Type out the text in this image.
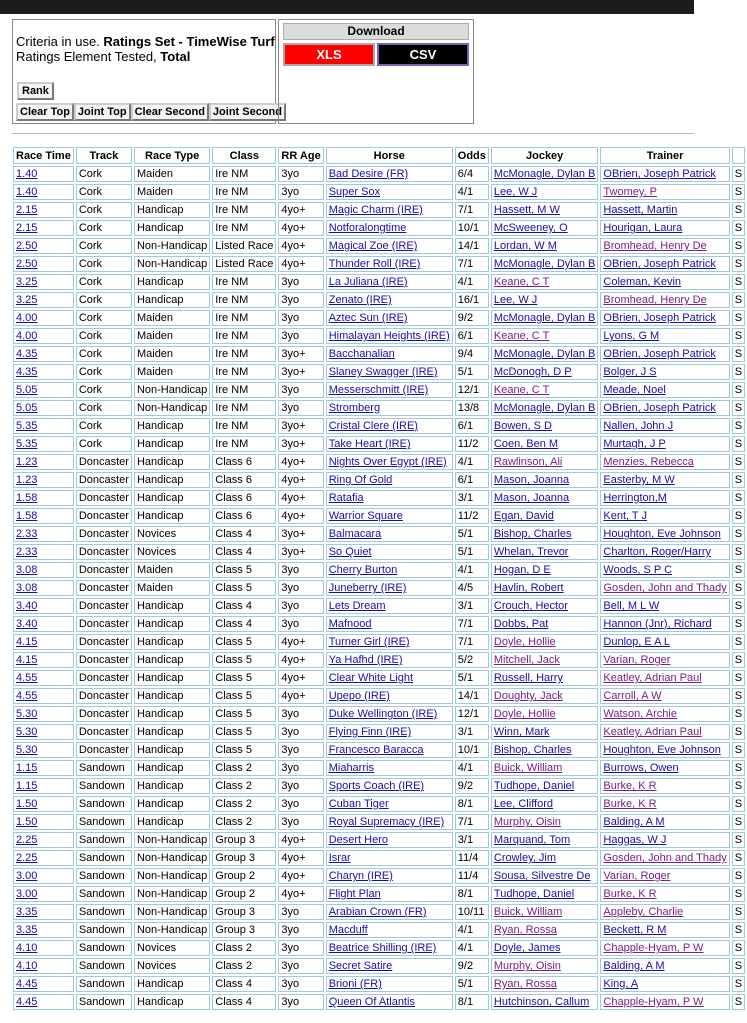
Criteria in use. Ratings Set - TimeWise Turf
Ratings Element Tested, Total
Rank
Clear Top Joint Top Clear Second Joint Second
Download
XLS	CSV
Race Time	Track	Race Type	Class	RR Age	Horse	Odds	Jockey	Trainer	
1.40	Cork	Maiden	Ire NM	3yo	Bad Desire (FR)	6/4	McMonagle, Dylan B	OBrien, Joseph Patrick	S
1.40	Cork	Maiden	Ire NM	3yo	Super Sox	4/1	Lee, W J	Twomey, P	S
2.15	Cork	Handicap	Ire NM	4yo+	Magic Charm (IRE)	7/1	Hassett, M W	Hassett, Martin	S
2.15	Cork	Handicap	Ire NM	4yo+	Notforalongtime	10/1	McSweeney, O	Hourigan, Laura	S
2.50	Cork	Non-Handicap	Listed Race	4yo+	Magical Zoe (IRE)	14/1	Lordan, W M	Bromhead, Henry De	S
2.50	Cork	Non-Handicap	Listed Race	4yo+	Thunder Roll (IRE)	7/1	McMonagle, Dylan B	OBrien, Joseph Patrick	S
3.25	Cork	Handicap	Ire NM	3yo	La Juliana (IRE)	4/1	Keane, C T	Coleman, Kevin	S
3.25	Cork	Handicap	Ire NM	3yo	Zenato (IRE)	16/1	Lee, W J	Bromhead, Henry De	S
4.00	Cork	Maiden	Ire NM	3yo	Aztec Sun (IRE)	9/2	McMonagle, Dylan B	OBrien, Joseph Patrick	S
4.00	Cork	Maiden	Ire NM	3yo	Himalayan Heights (IRE)	6/1	Keane, C T	Lyons, G M	S
4.35	Cork	Maiden	Ire NM	3yo+	Bacchanalian	9/4	McMonagle, Dylan B	OBrien, Joseph Patrick	S
4.35	Cork	Maiden	Ire NM	3yo+	Slaney Swagger (IRE)	5/1	McDonogh, D P	Bolger, J S	S
5.05	Cork	Non-Handicap	Ire NM	3yo	Messerschmitt (IRE)	12/1	Keane, C T	Meade, Noel	S
5.05	Cork	Non-Handicap	Ire NM	3yo	Stromberg	13/8	McMonagle, Dylan B	OBrien, Joseph Patrick	S
5.35	Cork	Handicap	Ire NM	3yo+	Cristal Clere (IRE)	6/1	Bowen, S D	Nallen, John J	S
5.35	Cork	Handicap	Ire NM	3yo+	Take Heart (IRE)	11/2	Coen, Ben M	Murtagh, J P	S
1.23	Doncaster	Handicap	Class 6	4yo+	Nights Over Egypt (IRE)	4/1	Rawlinson, Ali	Menzies, Rebecca	S
1.23	Doncaster	Handicap	Class 6	4yo+	Ring Of Gold	6/1	Mason, Joanna	Easterby, M W	S
1.58	Doncaster	Handicap	Class 6	4yo+	Ratafia	3/1	Mason, Joanna	Herrington,M	S
1.58	Doncaster	Handicap	Class 6	4yo+	Warrior Square	11/2	Egan, David	Kent, T J	S
2.33	Doncaster	Novices	Class 4	3yo+	Balmacara	5/1	Bishop, Charles	Houghton, Eve Johnson	S
2.33	Doncaster	Novices	Class 4	3yo+	So Quiet	5/1	Whelan, Trevor	Charlton, Roger/Harry	S
3.08	Doncaster	Maiden	Class 5	3yo	Cherry Burton	4/1	Hogan, D E	Woods, S P C	S
3.08	Doncaster	Maiden	Class 5	3yo	Juneberry (IRE)	4/5	Havlin, Robert	Gosden, John and Thady	S
3.40	Doncaster	Handicap	Class 4	3yo	Lets Dream	3/1	Crouch, Hector	Bell, M L W	S
3.40	Doncaster	Handicap	Class 4	3yo	Mafnood	7/1	Dobbs, Pat	Hannon (Jnr), Richard	S
4.15	Doncaster	Handicap	Class 5	4yo+	Turner Girl (IRE)	7/1	Doyle, Hollie	Dunlop, E A L	S
4.15	Doncaster	Handicap	Class 5	4yo+	Ya Hafhd (IRE)	5/2	Mitchell, Jack	Varian, Roger	S
4.55	Doncaster	Handicap	Class 5	4yo+	Clear White Light	5/1	Russell, Harry	Keatley, Adrian Paul	S
4.55	Doncaster	Handicap	Class 5	4yo+	Upepo (IRE)	14/1	Doughty, Jack	Carroll, A W	S
5.30	Doncaster	Handicap	Class 5	3yo	Duke Wellington (IRE)	12/1	Doyle, Hollie	Watson, Archie	S
5.30	Doncaster	Handicap	Class 5	3yo	Flying Finn (IRE)	3/1	Winn, Mark	Keatley, Adrian Paul	S
5.30	Doncaster	Handicap	Class 5	3yo	Francesco Baracca	10/1	Bishop, Charles	Houghton, Eve Johnson	S
1.15	Sandown	Handicap	Class 2	3yo	Miaharris	4/1	Buick, William	Burrows, Owen	S
1.15	Sandown	Handicap	Class 2	3yo	Sports Coach (IRE)	9/2	Tudhope, Daniel	Burke, K R	S
1.50	Sandown	Handicap	Class 2	3yo	Cuban Tiger	8/1	Lee, Clifford	Burke, K R	S
1.50	Sandown	Handicap	Class 2	3yo	Royal Supremacy (IRE)	7/1	Murphy, Oisin	Balding, A M	S
2.25	Sandown	Non-Handicap	Group 3	4yo+	Desert Hero	3/1	Marquand, Tom	Haggas, W J	S
2.25	Sandown	Non-Handicap	Group 3	4yo+	Israr	11/4	Crowley, Jim	Gosden, John and Thady	S
3.00	Sandown	Non-Handicap	Group 2	4yo+	Charyn (IRE)	11/4	Sousa, Silvestre De	Varian, Roger	S
3.00	Sandown	Non-Handicap	Group 2	4yo+	Flight Plan	8/1	Tudhope, Daniel	Burke, K R	S
3.35	Sandown	Non-Handicap	Group 3	3yo	Arabian Crown (FR)	10/11	Buick, William	Appleby, Charlie	S
3.35	Sandown	Non-Handicap	Group 3	3yo	Macduff	4/1	Ryan, Rossa	Beckett, R M	S
4.10	Sandown	Novices	Class 2	3yo	Beatrice Shilling (IRE)	4/1	Doyle, James	Chapple-Hyam, P W	S
4.10	Sandown	Novices	Class 2	3yo	Secret Satire	9/2	Murphy, Oisin	Balding, A M	S
4.45	Sandown	Handicap	Class 4	3yo	Brioni (FR)	5/1	Ryan, Rossa	King, A	S
4.45	Sandown	Handicap	Class 4	3yo	Queen Of Atlantis	8/1	Hutchinson, Callum	Chapple-Hyam, P W	S
